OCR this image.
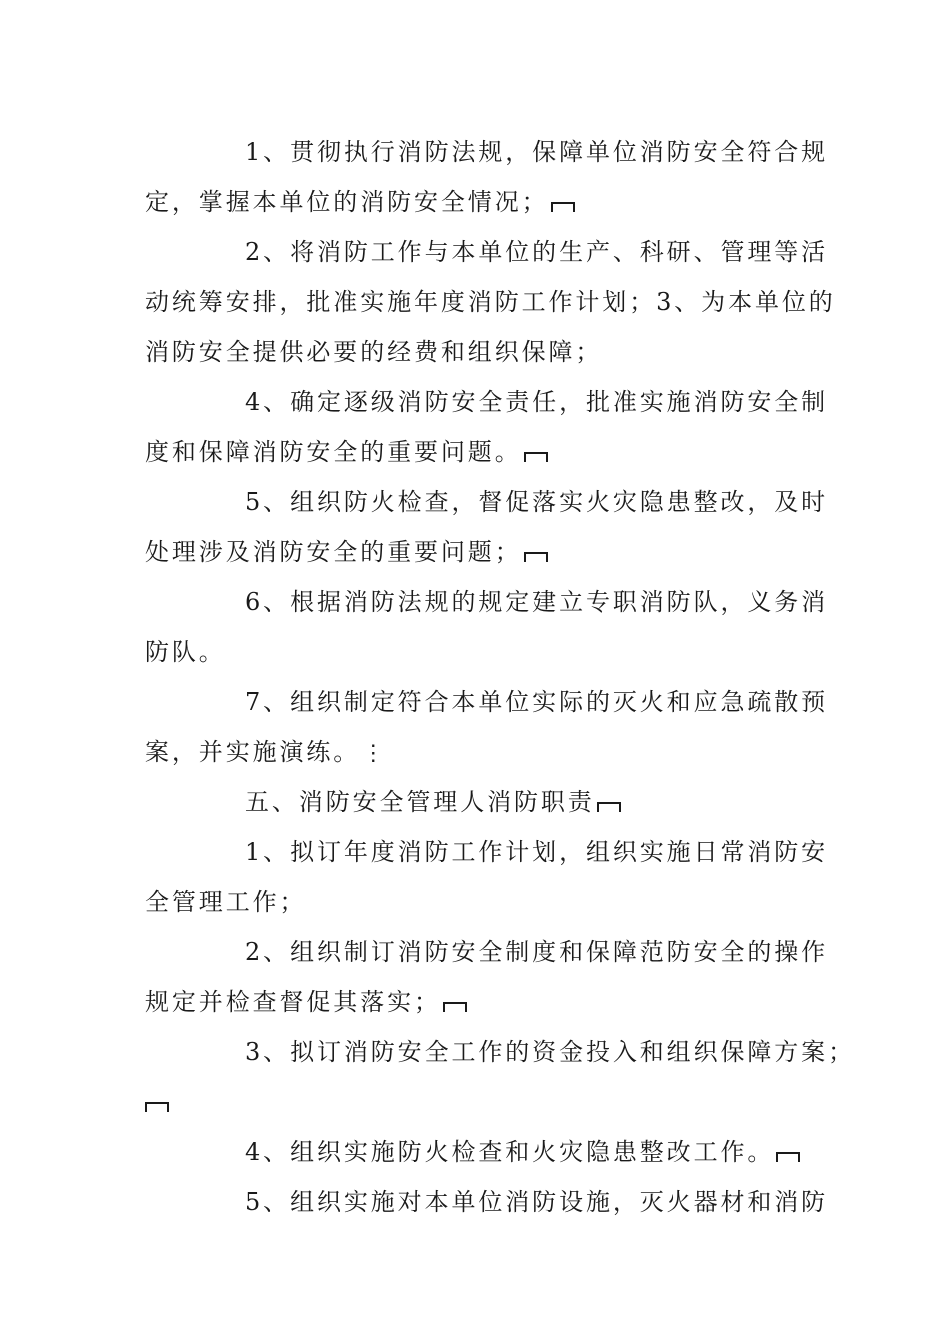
1、贯彻执行消防法规，保障单位消防安全符合规
定，掌握本单位的消防安全情况；
2、将消防工作与本单位的生产、科研、管理等活
动统筹安排，批准实施年度消防工作计划；3、为本单位的
消防安全提供必要的经费和组织保障；
4、确定逐级消防安全责任，批准实施消防安全制
度和保障消防安全的重要问题。
5、组织防火检查，督促落实火灾隐患整改，及时
处理涉及消防安全的重要问题；
6、根据消防法规的规定建立专职消防队，义务消
防队。
7、组织制定符合本单位实际的灭火和应急疏散预
案，并实施演练。⋮
五、消防安全管理人消防职责
1、拟订年度消防工作计划，组织实施日常消防安
全管理工作；
2、组织制订消防安全制度和保障范防安全的操作
规定并检查督促其落实；
3、拟订消防安全工作的资金投入和组织保障方案；
4、组织实施防火检查和火灾隐患整改工作。
5、组织实施对本单位消防设施，灭火器材和消防
